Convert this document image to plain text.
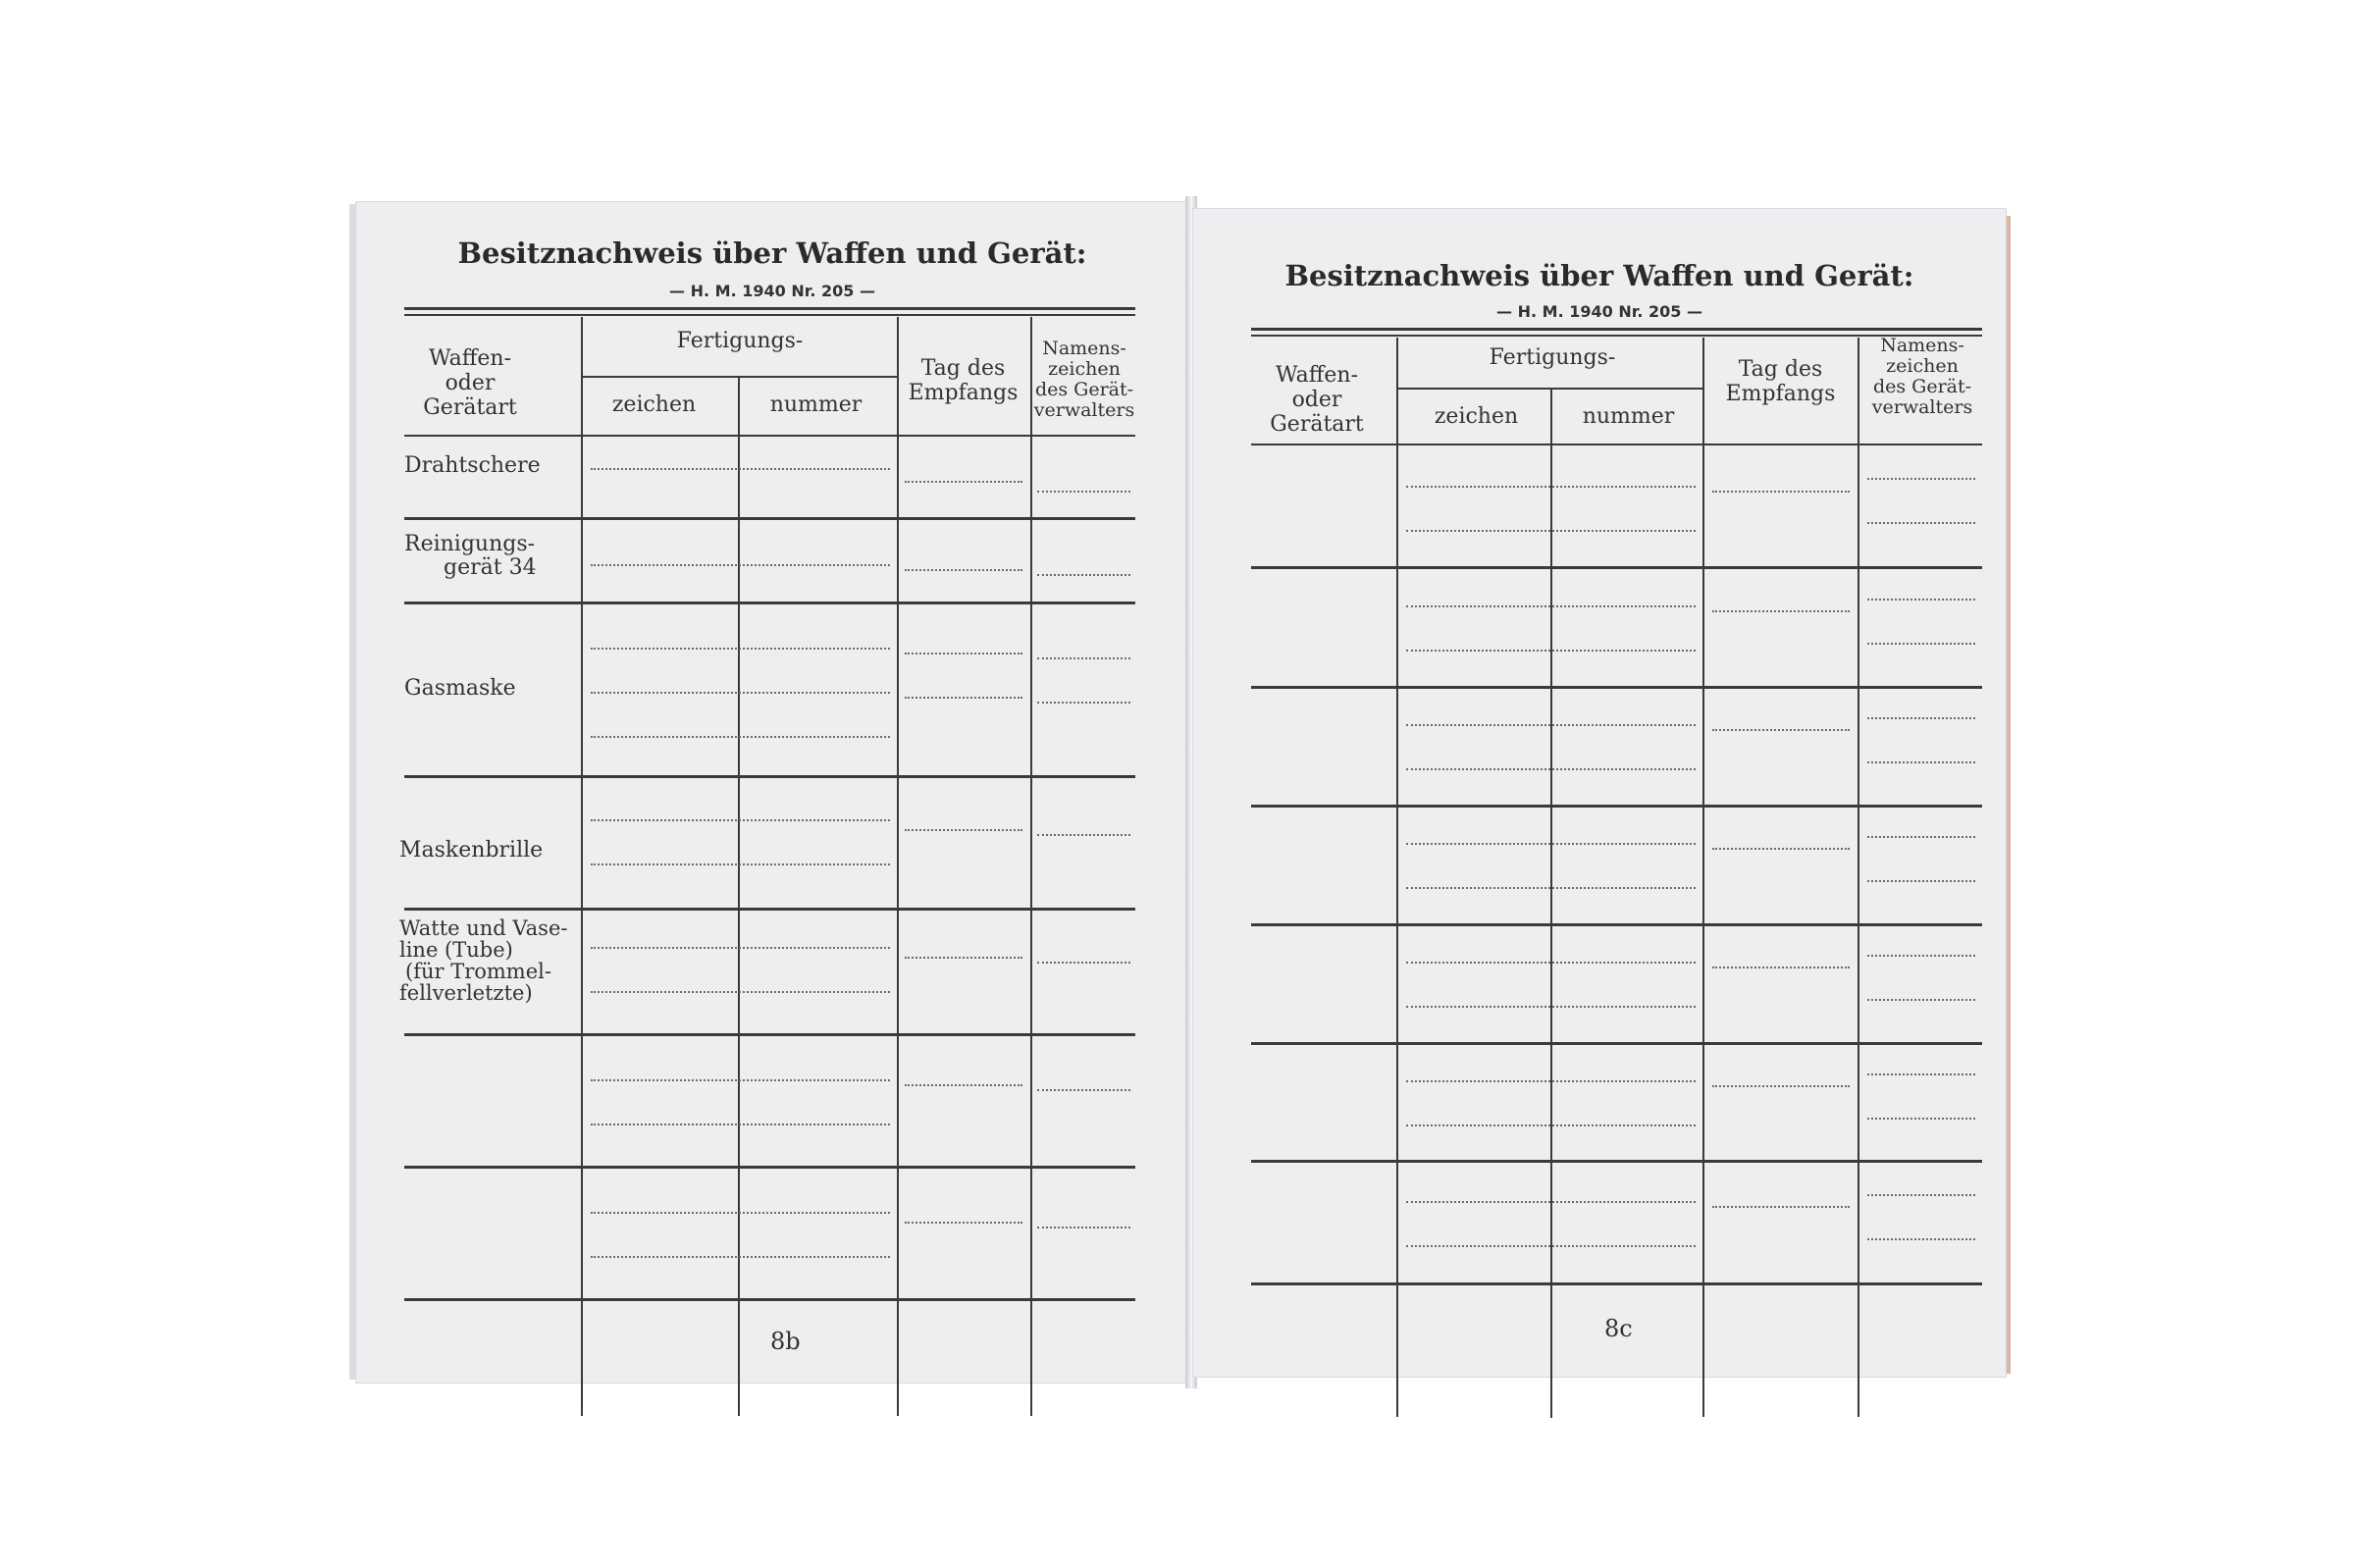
Besitznachweis über Waffen und Gerät:
— H. M. 1940 Nr. 205 —
Waffen-
oder Gerätart
Fertigungs-
zeichen	nummer
Tag des
Empfangs
Namens-
zeichen
des Gerät-
verwalters
Drahtschere
Reinigungs-
gerät 34
Gasmaske
Maskenbrille
Watte und Vase-
line (Tube)
(für Trommel-
fellverletzte)
8b
Besitznachweis über Waffen und Gerät:
— H. M. 1940 Nr. 205 —
Waffen-
oder Gerätart
Fertigungs-
zeichen	nummer
Tag des
Empfangs
Namens-
zeichen
des Gerät-
verwalters
8c
